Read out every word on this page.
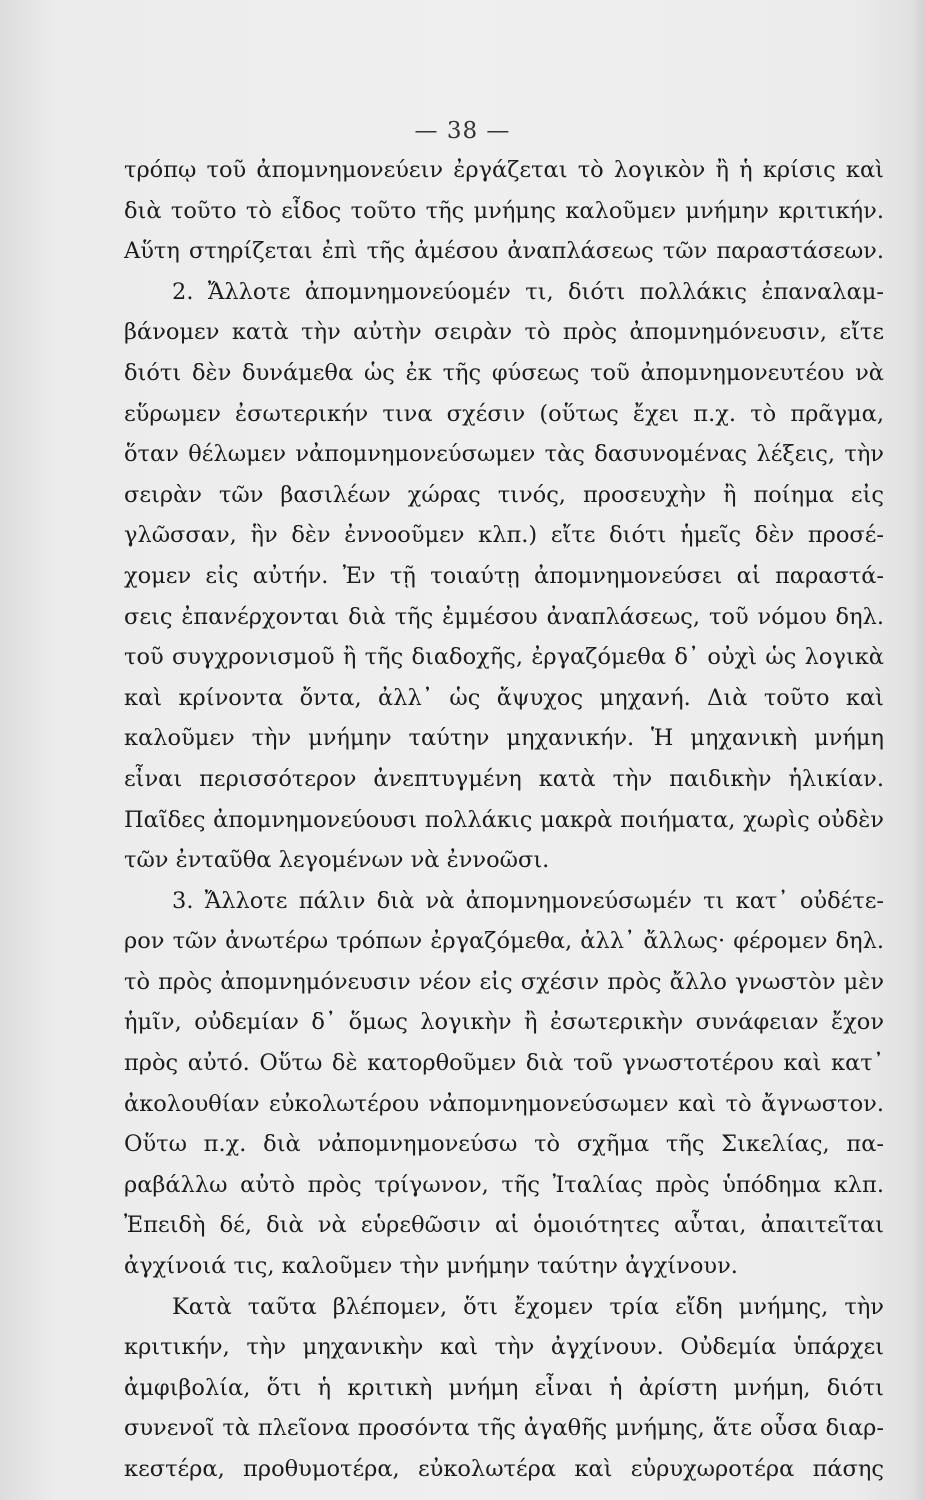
— 38 —
τρόπῳ τοῦ ἀπομνημονεύειν ἐργάζεται τὸ λογικὸν ἢ ἡ κρίσις καὶ
διὰ τοῦτο τὸ εἶδος τοῦτο τῆς μνήμης καλοῦμεν μνήμην κριτικήν.
Αὕτη στηρίζεται ἐπὶ τῆς ἀμέσου ἀναπλάσεως τῶν παραστάσεων.
2. Ἄλλοτε ἀπομνημονεύομέν τι, διότι πολλάκις ἐπαναλαμ-
βάνομεν κατὰ τὴν αὐτὴν σειρὰν τὸ πρὸς ἀπομνημόνευσιν, εἴτε
διότι δὲν δυνάμεθα ὡς ἐκ τῆς φύσεως τοῦ ἀπομνημονευτέου νὰ
εὕρωμεν ἐσωτερικήν τινα σχέσιν (οὕτως ἔχει π.χ. τὸ πρᾶγμα,
ὅταν θέλωμεν νἀπομνημονεύσωμεν τὰς δασυνομένας λέξεις, τὴν
σειρὰν τῶν βασιλέων χώρας τινός, προσευχὴν ἢ ποίημα εἰς
γλῶσσαν, ἣν δὲν ἐννοοῦμεν κλπ.) εἴτε διότι ἡμεῖς δὲν προσέ-
χομεν εἰς αὐτήν. Ἐν τῇ τοιαύτῃ ἀπομνημονεύσει αἱ παραστά-
σεις ἐπανέρχονται διὰ τῆς ἐμμέσου ἀναπλάσεως, τοῦ νόμου δηλ.
τοῦ συγχρονισμοῦ ἢ τῆς διαδοχῆς, ἐργαζόμεθα δ᾽ οὐχὶ ὡς λογικὰ
καὶ κρίνοντα ὄντα, ἀλλ᾽ ὡς ἄψυχος μηχανή. Διὰ τοῦτο καὶ
καλοῦμεν τὴν μνήμην ταύτην μηχανικήν. Ἡ μηχανικὴ μνήμη
εἶναι περισσότερον ἀνεπτυγμένη κατὰ τὴν παιδικὴν ἡλικίαν.
Παῖδες ἀπομνημονεύουσι πολλάκις μακρὰ ποιήματα, χωρὶς οὐδὲν
τῶν ἐνταῦθα λεγομένων νὰ ἐννοῶσι.
3. Ἄλλοτε πάλιν διὰ νὰ ἀπομνημονεύσωμέν τι κατ᾽ οὐδέτε-
ρον τῶν ἀνωτέρω τρόπων ἐργαζόμεθα, ἀλλ᾽ ἄλλως· φέρομεν δηλ.
τὸ πρὸς ἀπομνημόνευσιν νέον εἰς σχέσιν πρὸς ἄλλο γνωστὸν μὲν
ἡμῖν, οὐδεμίαν δ᾽ ὅμως λογικὴν ἢ ἐσωτερικὴν συνάφειαν ἔχον
πρὸς αὐτό. Οὕτω δὲ κατορθοῦμεν διὰ τοῦ γνωστοτέρου καὶ κατ᾽
ἀκολουθίαν εὐκολωτέρου νἀπομνημονεύσωμεν καὶ τὸ ἄγνωστον.
Οὕτω π.χ. διὰ νἀπομνημονεύσω τὸ σχῆμα τῆς Σικελίας, πα-
ραβάλλω αὐτὸ πρὸς τρίγωνον, τῆς Ἰταλίας πρὸς ὑπόδημα κλπ.
Ἐπειδὴ δέ, διὰ νὰ εὑρεθῶσιν αἱ ὁμοιότητες αὗται, ἀπαιτεῖται
ἀγχίνοιά τις, καλοῦμεν τὴν μνήμην ταύτην ἀγχίνουν.
Κατὰ ταῦτα βλέπομεν, ὅτι ἔχομεν τρία εἴδη μνήμης, τὴν
κριτικήν, τὴν μηχανικὴν καὶ τὴν ἀγχίνουν. Οὐδεμία ὑπάρχει
ἀμφιβολία, ὅτι ἡ κριτικὴ μνήμη εἶναι ἡ ἀρίστη μνήμη, διότι
συνενοῖ τὰ πλεῖονα προσόντα τῆς ἀγαθῆς μνήμης, ἅτε οὖσα διαρ-
κεστέρα, προθυμοτέρα, εὐκολωτέρα καὶ εὐρυχωροτέρα πάσης
